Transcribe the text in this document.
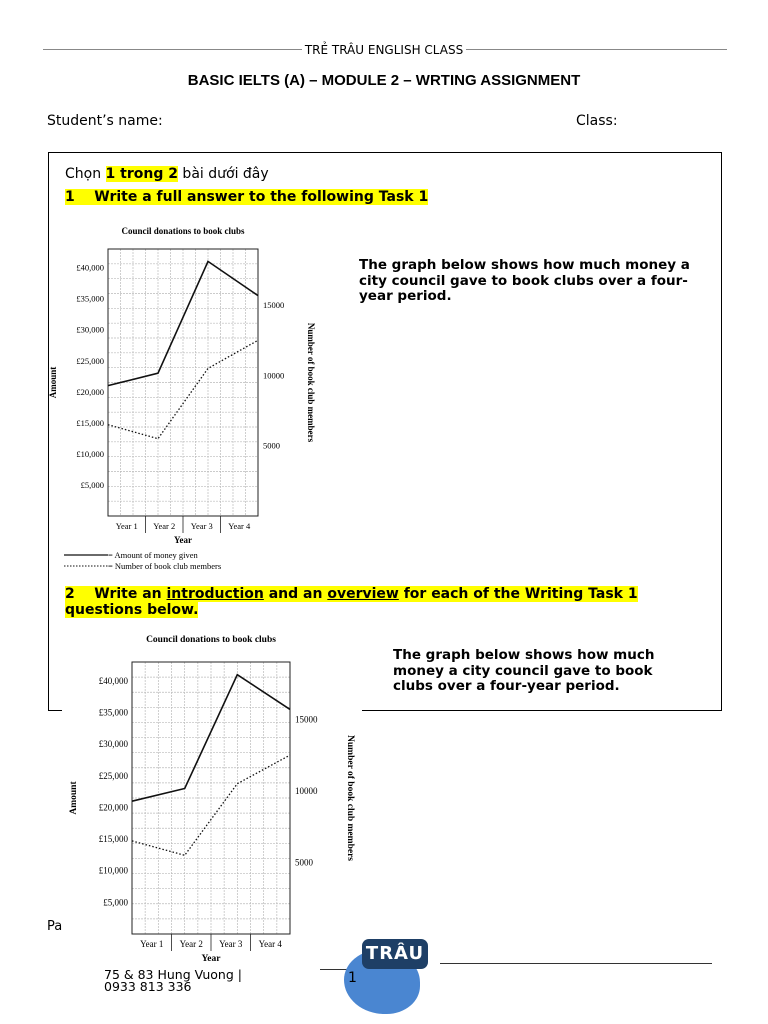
TRẺ TRÂU ENGLISH CLASS
BASIC IELTS (A) – MODULE 2 – WRTING ASSIGNMENT
Student’s name:	Class:
Chọn 1 trong 2 bài dưới đây
1 Write a full answer to the following Task 1
The graph below shows how much money a city council gave to book clubs over a four-year period.
Council donations to book clubs
£40,000
£35,000
£30,000
£25,000
£20,000
£15,000
£10,000
£5,000
15000
10000
5000
Year 1 Year 2 Year 3 Year 4
Year
Amount	Number of book club members
= Amount of money given
= Number of book club members
2 Write an introduction and an overview for each of the Writing Task 1 questions below.
The graph below shows how much money a city council gave to book clubs over a four-year period.
Council donations to book clubs
£40,000
£35,000
£30,000
£25,000
£20,000
£15,000
£10,000
£5,000
15000
10000
5000
Year 1 Year 2 Year 3 Year 4
Year
Amount	Number of book club members
Pa
75 & 83 Hung Vuong |
0933 813 336
1
TRÂU
